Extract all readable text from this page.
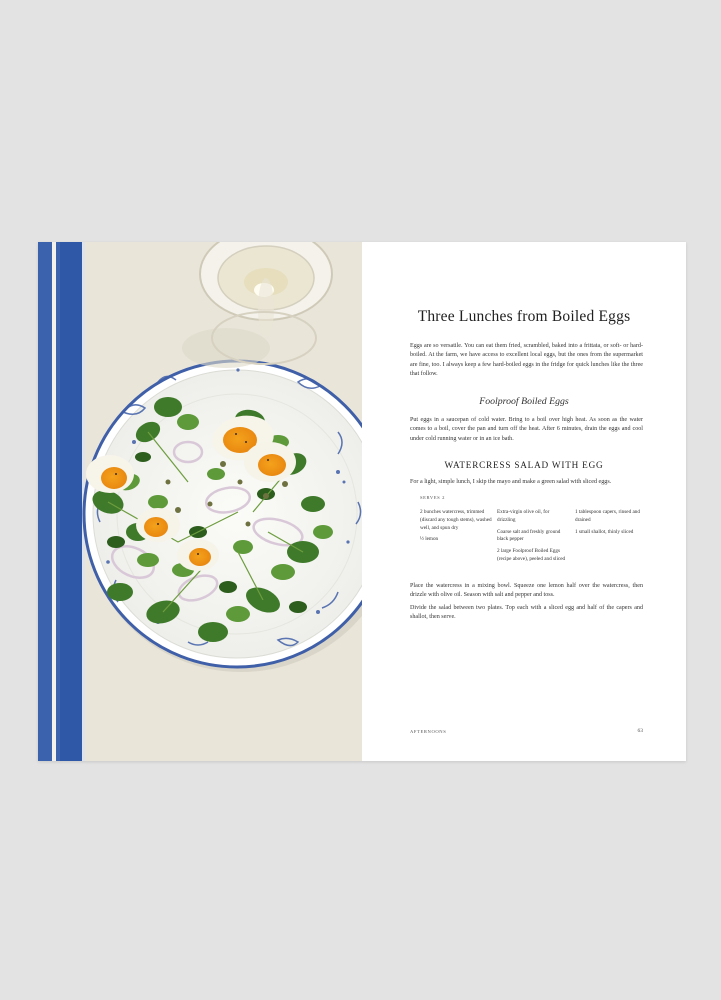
Three Lunches from Boiled Eggs

Eggs are so versatile. You can eat them fried, scrambled, baked into a frittata, or soft- or hard-boiled. At the farm, we have access to excellent local eggs, but the ones from the supermarket are fine, too. I always keep a few hard-boiled eggs in the fridge for quick lunches like the three that follow.

Foolproof Boiled Eggs

Put eggs in a saucepan of cold water. Bring to a boil over high heat. As soon as the water comes to a boil, cover the pan and turn off the heat. After 6 minutes, drain the eggs and cool under cold running water or in an ice bath.

WATERCRESS SALAD WITH EGG

For a light, simple lunch, I skip the mayo and make a green salad with sliced eggs.

SERVES 2

2 bunches watercress, trimmed (discard any tough stems), washed well, and spun dry

½ lemon

Extra-virgin olive oil, for drizzling

Coarse salt and freshly ground black pepper

2 large Foolproof Boiled Eggs (recipe above), peeled and sliced

1 tablespoon capers, rinsed and drained

1 small shallot, thinly sliced

Place the watercress in a mixing bowl. Squeeze one lemon half over the watercress, then drizzle with olive oil. Season with salt and pepper and toss.

Divide the salad between two plates. Top each with a sliced egg and half of the capers and shallot, then serve.

AFTERNOONS	63
